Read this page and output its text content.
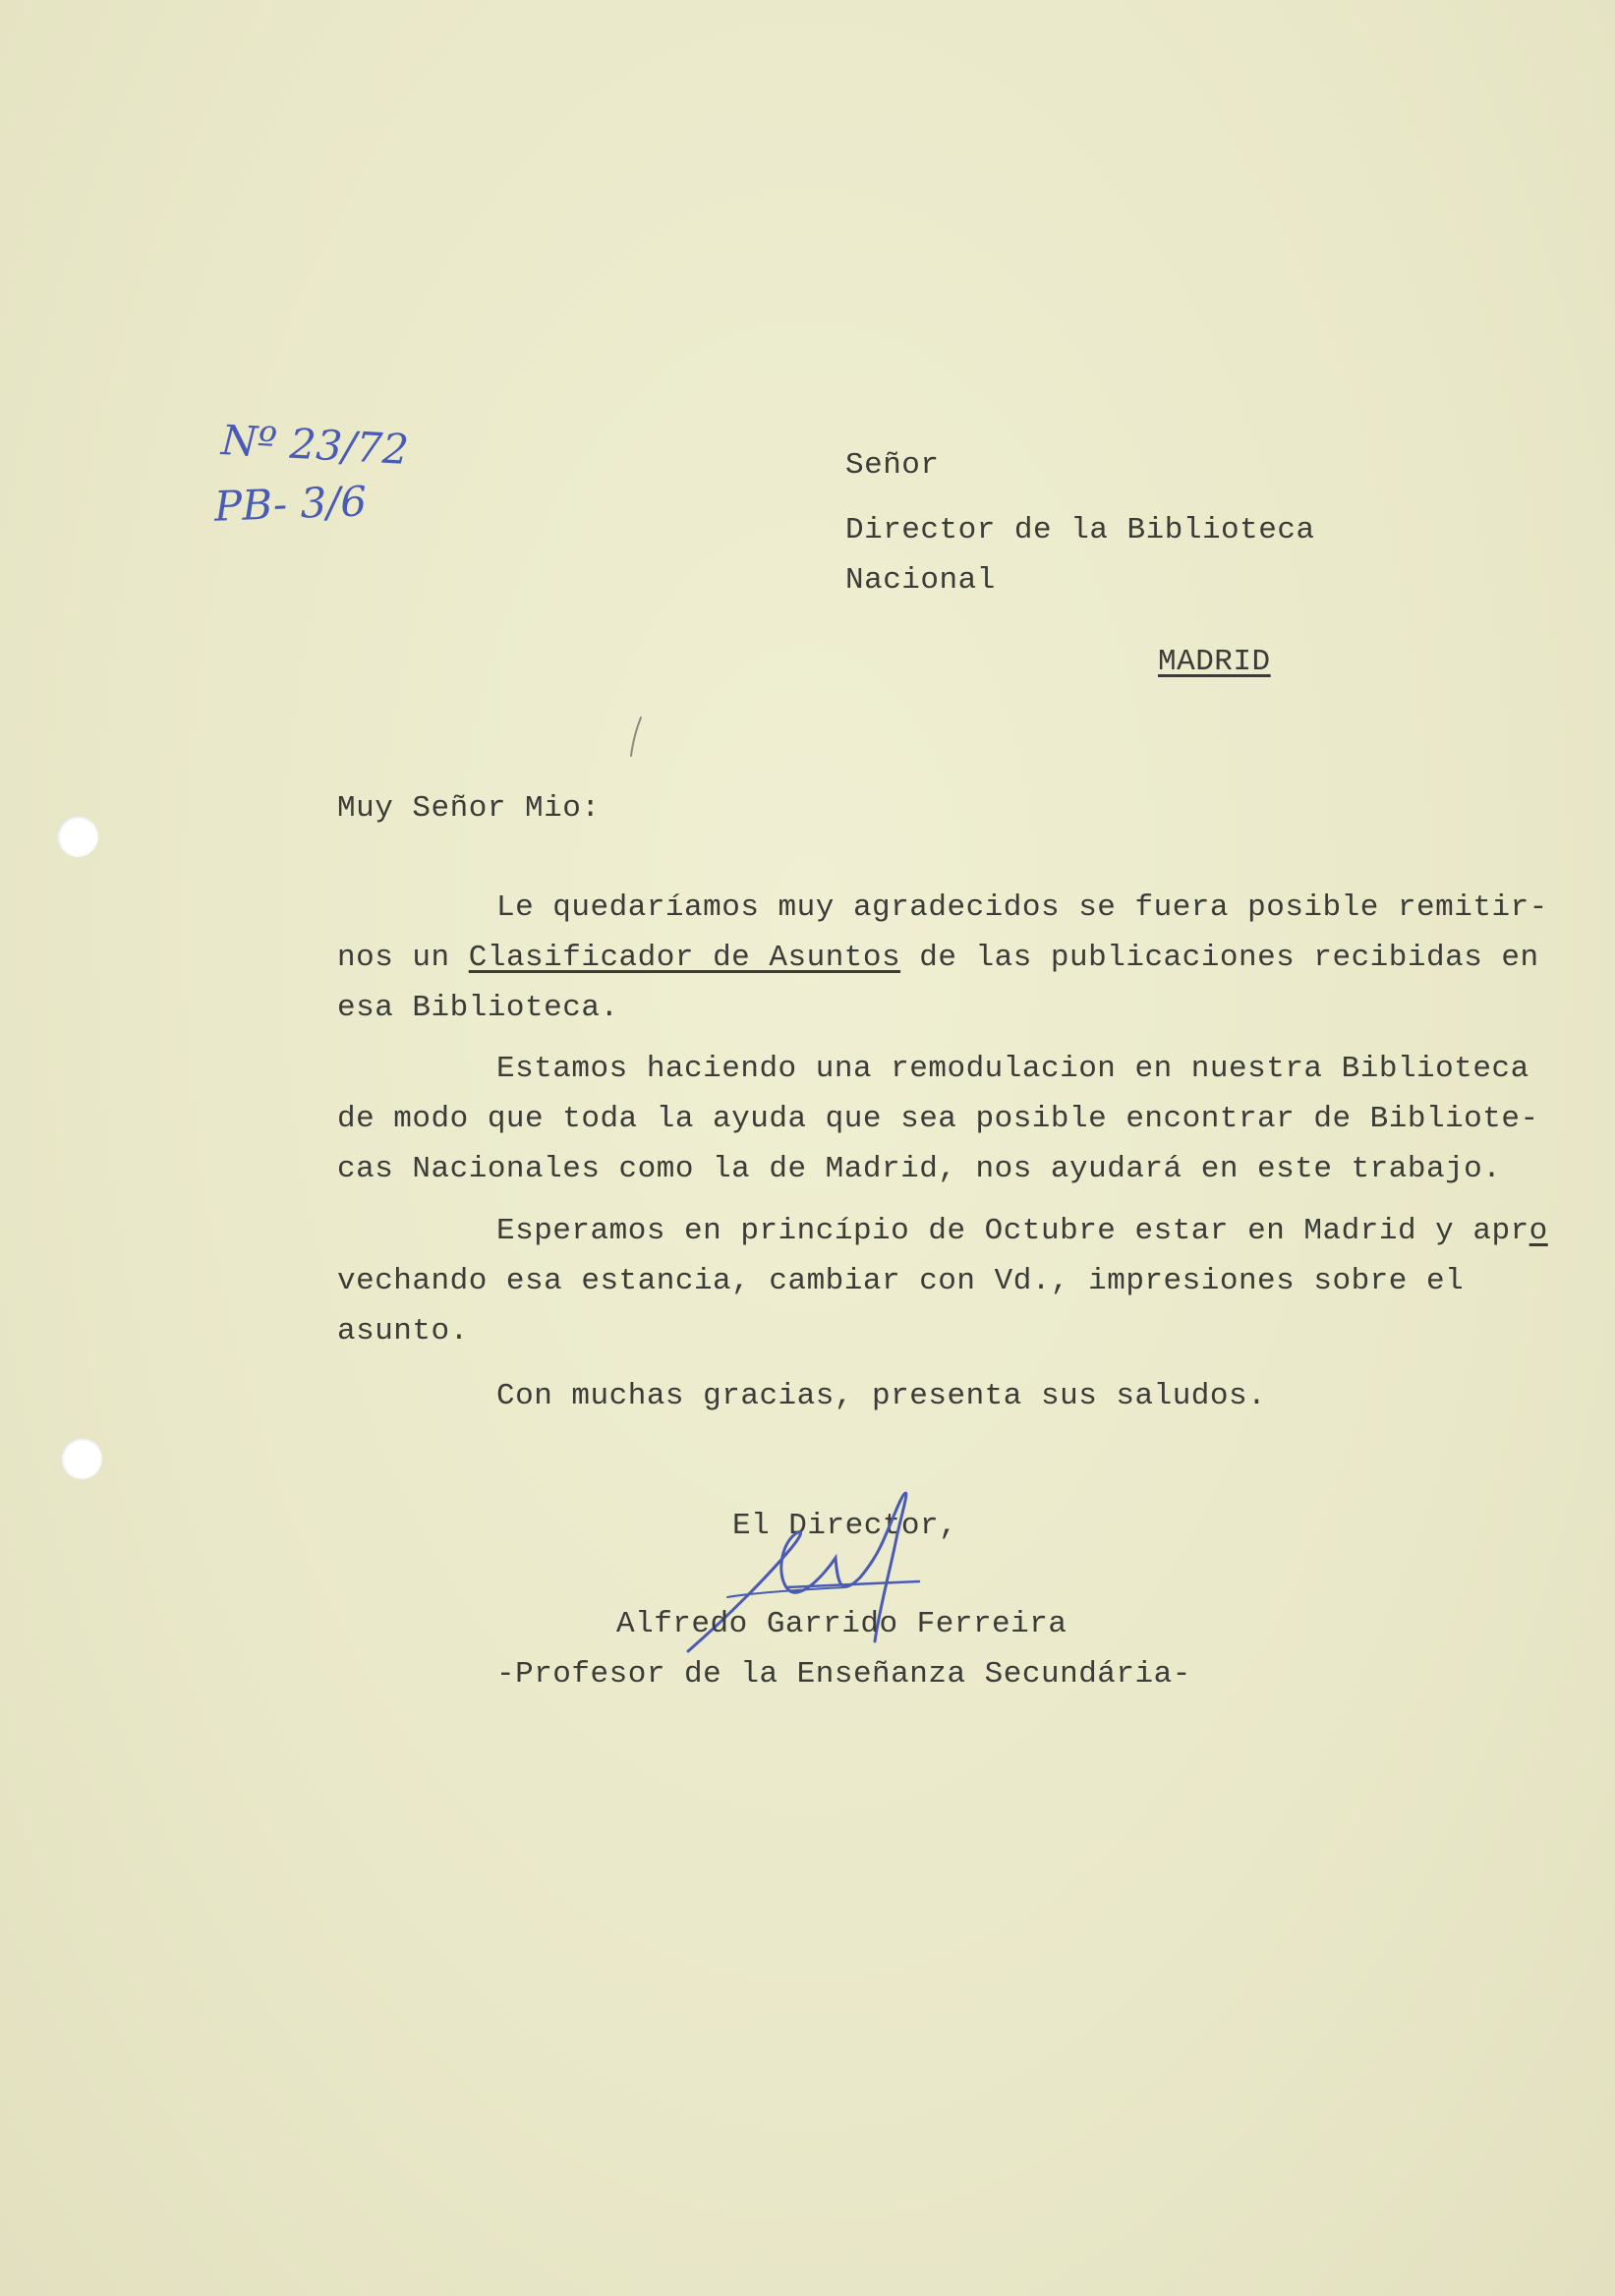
Nº 23/72
PB- 3/6
Señor
Director de la Biblioteca
Nacional
MADRID
Muy Señor Mio:
Le quedaríamos muy agradecidos se fuera posible remitir-
nos un Clasificador de Asuntos de las publicaciones recibidas en
esa Biblioteca.
Estamos haciendo una remodulacion en nuestra Biblioteca
de modo que toda la ayuda que sea posible encontrar de Bibliote-
cas Nacionales como la de Madrid, nos ayudará en este trabajo.
Esperamos en princípio de Octubre estar en Madrid y apro
vechando esa estancia, cambiar con Vd., impresiones sobre el
asunto.
Con muchas gracias, presenta sus saludos.
El Director,
Alfredo Garrido Ferreira
-Profesor de la Enseñanza Secundária-
